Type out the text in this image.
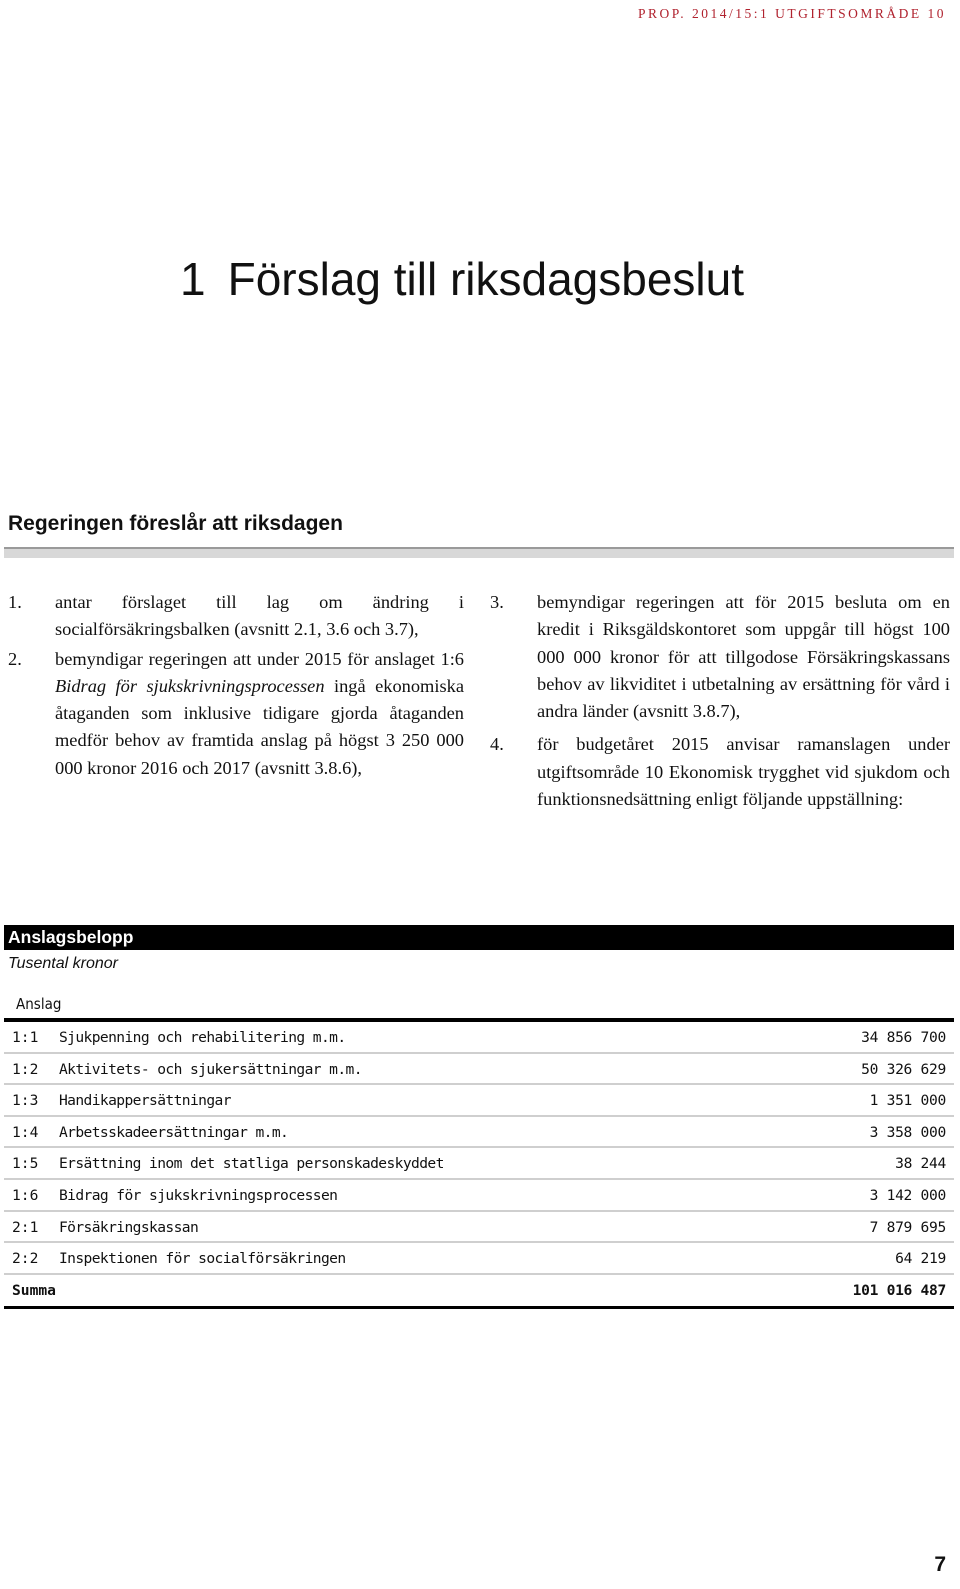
PROP. 2014/15:1 UTGIFTSOMRÅDE 10
1 Förslag till riksdagsbeslut
Regeringen föreslår att riksdagen
1. antar förslaget till lag om ändring i socialförsäkringsbalken (avsnitt 2.1, 3.6 och 3.7),

2. bemyndigar regeringen att under 2015 för anslaget 1:6 Bidrag för sjukskrivningsprocessen ingå ekonomiska åtaganden som inklusive tidigare gjorda åtaganden medför behov av framtida anslag på högst 3 250 000 000 kronor 2016 och 2017 (avsnitt 3.8.6),

3. bemyndigar regeringen att för 2015 besluta om en kredit i Riksgäldskontoret som uppgår till högst 100 000 000 kronor för att tillgodose Försäkringskassans behov av likviditet i utbetalning av ersättning för vård i andra länder (avsnitt 3.8.7),

4. för budgetåret 2015 anvisar ramanslagen under utgiftsområde 10 Ekonomisk trygghet vid sjukdom och funktionsnedsättning enligt följande uppställning:

Anslagsbelopp
Tusental kronor
Anslag
1:1 Sjukpenning och rehabilitering m.m.	34 856 700
1:2 Aktivitets- och sjukersättningar m.m.	50 326 629
1:3 Handikappersättningar	1 351 000
1:4 Arbetsskadeersättningar m.m.	3 358 000
1:5 Ersättning inom det statliga personskadeskyddet	38 244
1:6 Bidrag för sjukskrivningsprocessen	3 142 000
2:1 Försäkringskassan	7 879 695
2:2 Inspektionen för socialförsäkringen	64 219
Summa	101 016 487
7
